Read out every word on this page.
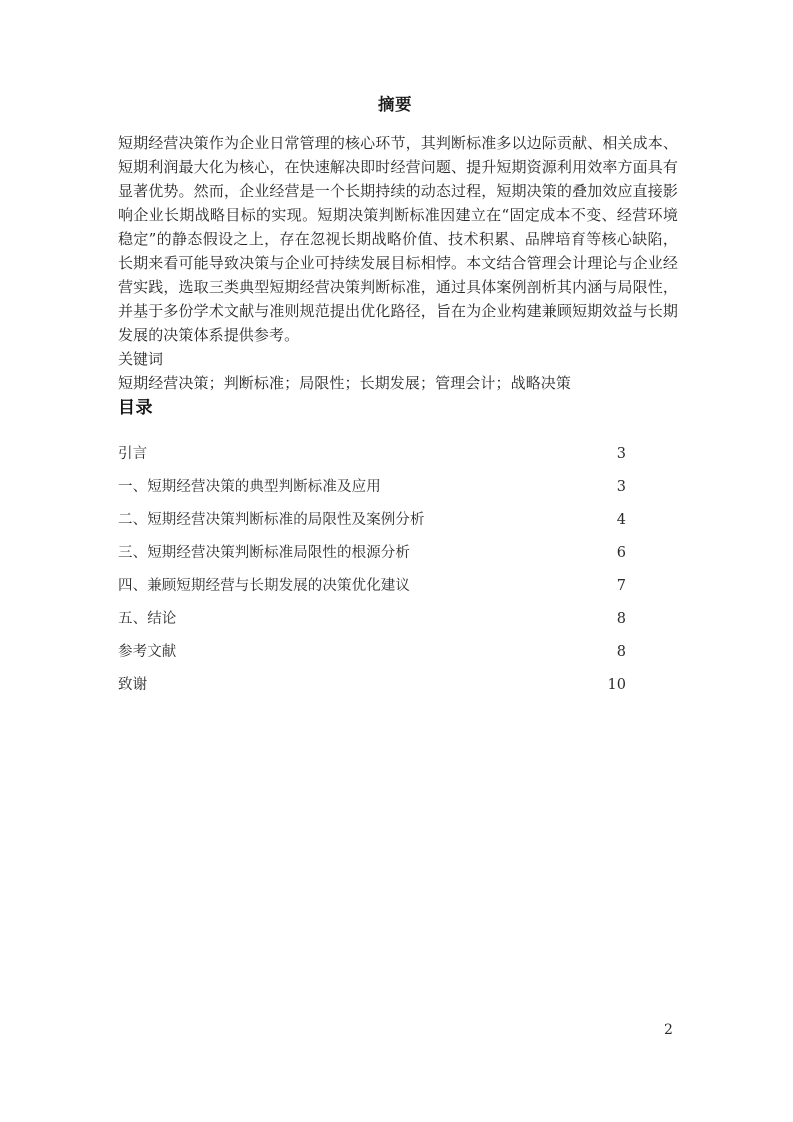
摘要

短期经营决策作为企业日常管理的核心环节，其判断标准多以边际贡献、相关成本、短期利润最大化为核心，在快速解决即时经营问题、提升短期资源利用效率方面具有显著优势。然而，企业经营是一个长期持续的动态过程，短期决策的叠加效应直接影响企业长期战略目标的实现。短期决策判断标准因建立在“固定成本不变、经营环境稳定”的静态假设之上，存在忽视长期战略价值、技术积累、品牌培育等核心缺陷，长期来看可能导致决策与企业可持续发展目标相悖。本文结合管理会计理论与企业经营实践，选取三类典型短期经营决策判断标准，通过具体案例剖析其内涵与局限性，并基于多份学术文献与准则规范提出优化路径，旨在为企业构建兼顾短期效益与长期发展的决策体系提供参考。

关键词

短期经营决策；判断标准；局限性；长期发展；管理会计；战略决策

目录
引言 ·····	3
一、短期经营决策的典型判断标准及应用 ·····	3
二、短期经营决策判断标准的局限性及案例分析 ·····	4
三、短期经营决策判断标准局限性的根源分析 ·····	6
四、兼顾短期经营与长期发展的决策优化建议 ·····	7
五、结论 ·····	8
参考文献 ·····	8
致谢 ·····	10
2
